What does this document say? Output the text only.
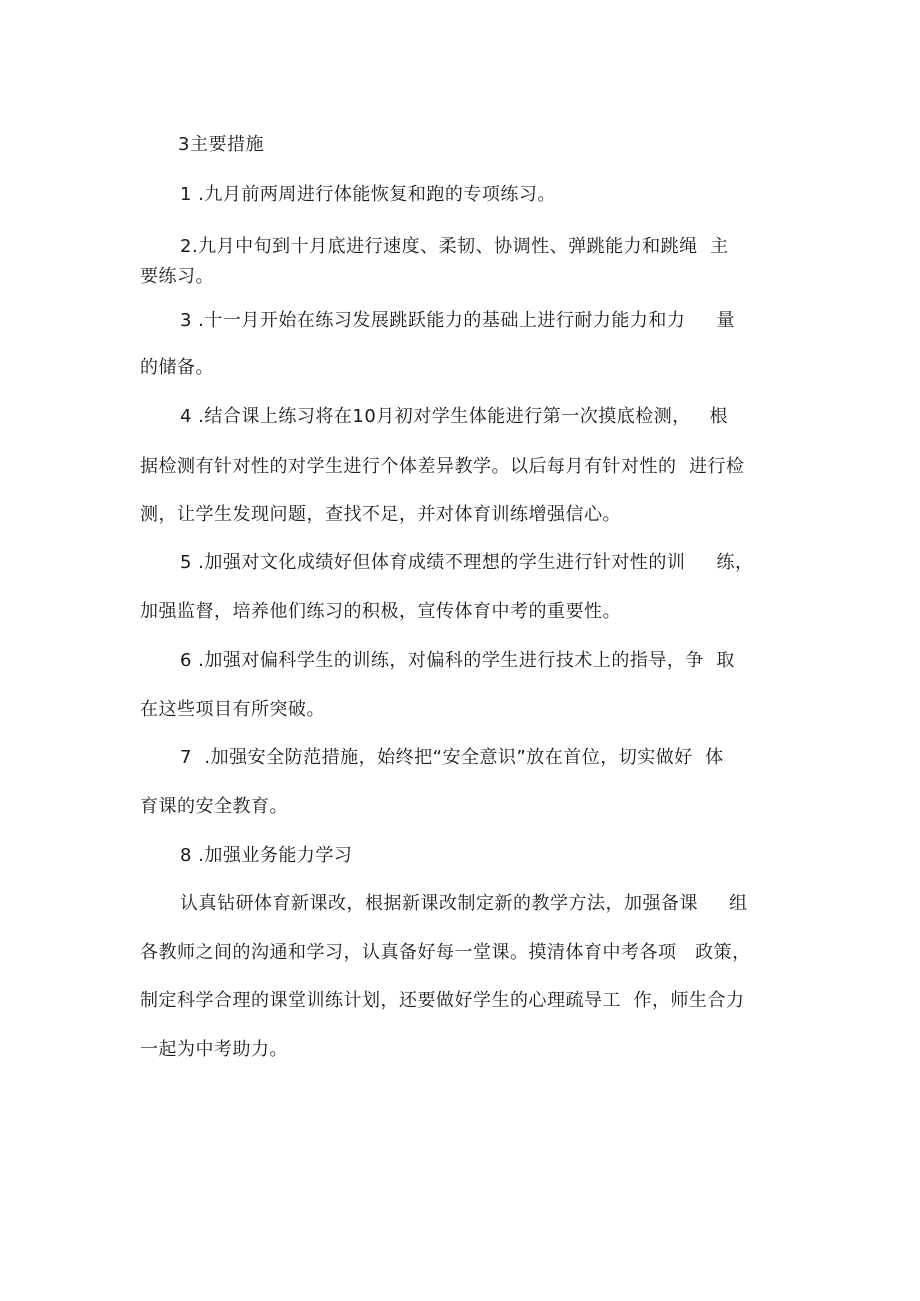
3主要措施
1 .九月前两周进行体能恢复和跑的专项练习。
2.九月中旬到十月底进行速度、柔韧、协调性、弹跳能力和跳绳  主
要练习。
3 .十一月开始在练习发展跳跃能力的基础上进行耐力能力和力     量
的储备。
4 .结合课上练习将在10月初对学生体能进行第一次摸底检测，   根
据检测有针对性的对学生进行个体差异教学。以后每月有针对性的  进行检
测，让学生发现问题，查找不足，并对体育训练增强信心。
5 .加强对文化成绩好但体育成绩不理想的学生进行针对性的训     练，
加强监督，培养他们练习的积极，宣传体育中考的重要性。
6 .加强对偏科学生的训练，对偏科的学生进行技术上的指导，争  取
在这些项目有所突破。
7  .加强安全防范措施，始终把“安全意识”放在首位，切实做好  体
育课的安全教育。
8 .加强业务能力学习
认真钻研体育新课改，根据新课改制定新的教学方法，加强备课     组
各教师之间的沟通和学习，认真备好每一堂课。摸清体育中考各项   政策，
制定科学合理的课堂训练计划，还要做好学生的心理疏导工  作，师生合力
一起为中考助力。
